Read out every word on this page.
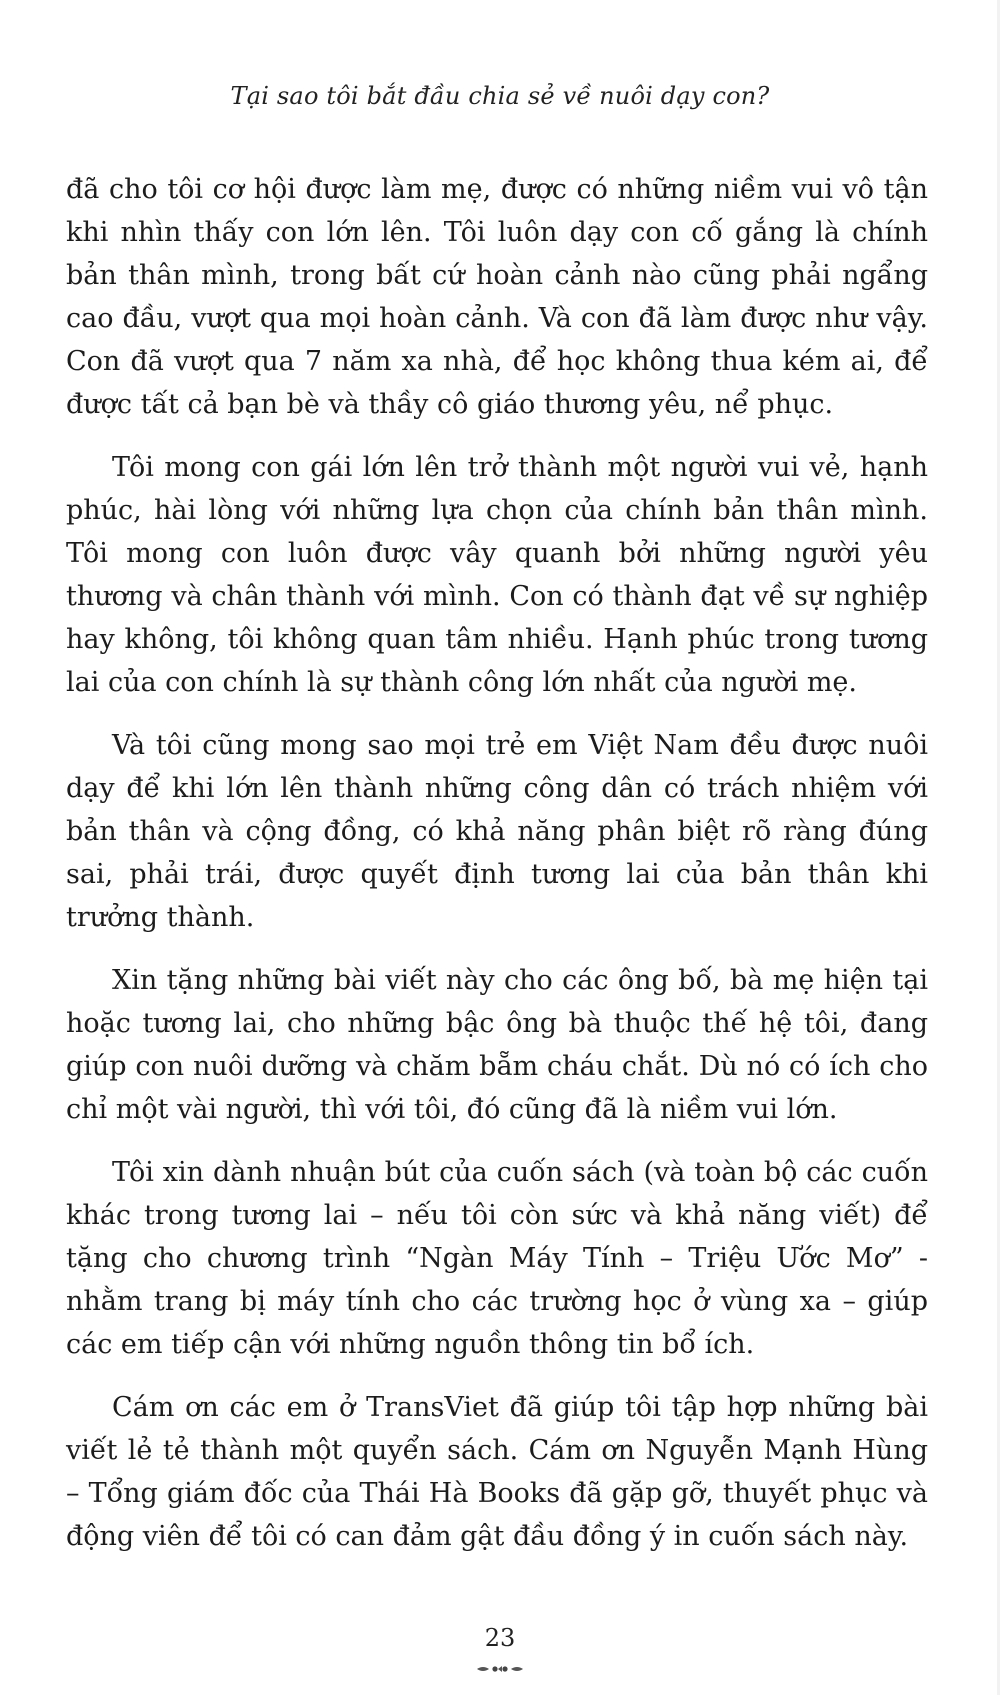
Tại sao tôi bắt đầu chia sẻ về nuôi dạy con?

đã cho tôi cơ hội được làm mẹ, được có những niềm vui vô tận khi nhìn thấy con lớn lên. Tôi luôn dạy con cố gắng là chính bản thân mình, trong bất cứ hoàn cảnh nào cũng phải ngẩng cao đầu, vượt qua mọi hoàn cảnh. Và con đã làm được như vậy. Con đã vượt qua 7 năm xa nhà, để học không thua kém ai, để được tất cả bạn bè và thầy cô giáo thương yêu, nể phục.

Tôi mong con gái lớn lên trở thành một người vui vẻ, hạnh phúc, hài lòng với những lựa chọn của chính bản thân mình. Tôi mong con luôn được vây quanh bởi những người yêu thương và chân thành với mình. Con có thành đạt về sự nghiệp hay không, tôi không quan tâm nhiều. Hạnh phúc trong tương lai của con chính là sự thành công lớn nhất của người mẹ.

Và tôi cũng mong sao mọi trẻ em Việt Nam đều được nuôi dạy để khi lớn lên thành những công dân có trách nhiệm với bản thân và cộng đồng, có khả năng phân biệt rõ ràng đúng sai, phải trái, được quyết định tương lai của bản thân khi trưởng thành.

Xin tặng những bài viết này cho các ông bố, bà mẹ hiện tại hoặc tương lai, cho những bậc ông bà thuộc thế hệ tôi, đang giúp con nuôi dưỡng và chăm bẵm cháu chắt. Dù nó có ích cho chỉ một vài người, thì với tôi, đó cũng đã là niềm vui lớn.

Tôi xin dành nhuận bút của cuốn sách (và toàn bộ các cuốn khác trong tương lai – nếu tôi còn sức và khả năng viết) để tặng cho chương trình “Ngàn Máy Tính – Triệu Ước Mơ” - nhằm trang bị máy tính cho các trường học ở vùng xa – giúp các em tiếp cận với những nguồn thông tin bổ ích.

Cám ơn các em ở TransViet đã giúp tôi tập hợp những bài viết lẻ tẻ thành một quyển sách. Cám ơn Nguyễn Mạnh Hùng – Tổng giám đốc của Thái Hà Books đã gặp gỡ, thuyết phục và động viên để tôi có can đảm gật đầu đồng ý in cuốn sách này.

23
